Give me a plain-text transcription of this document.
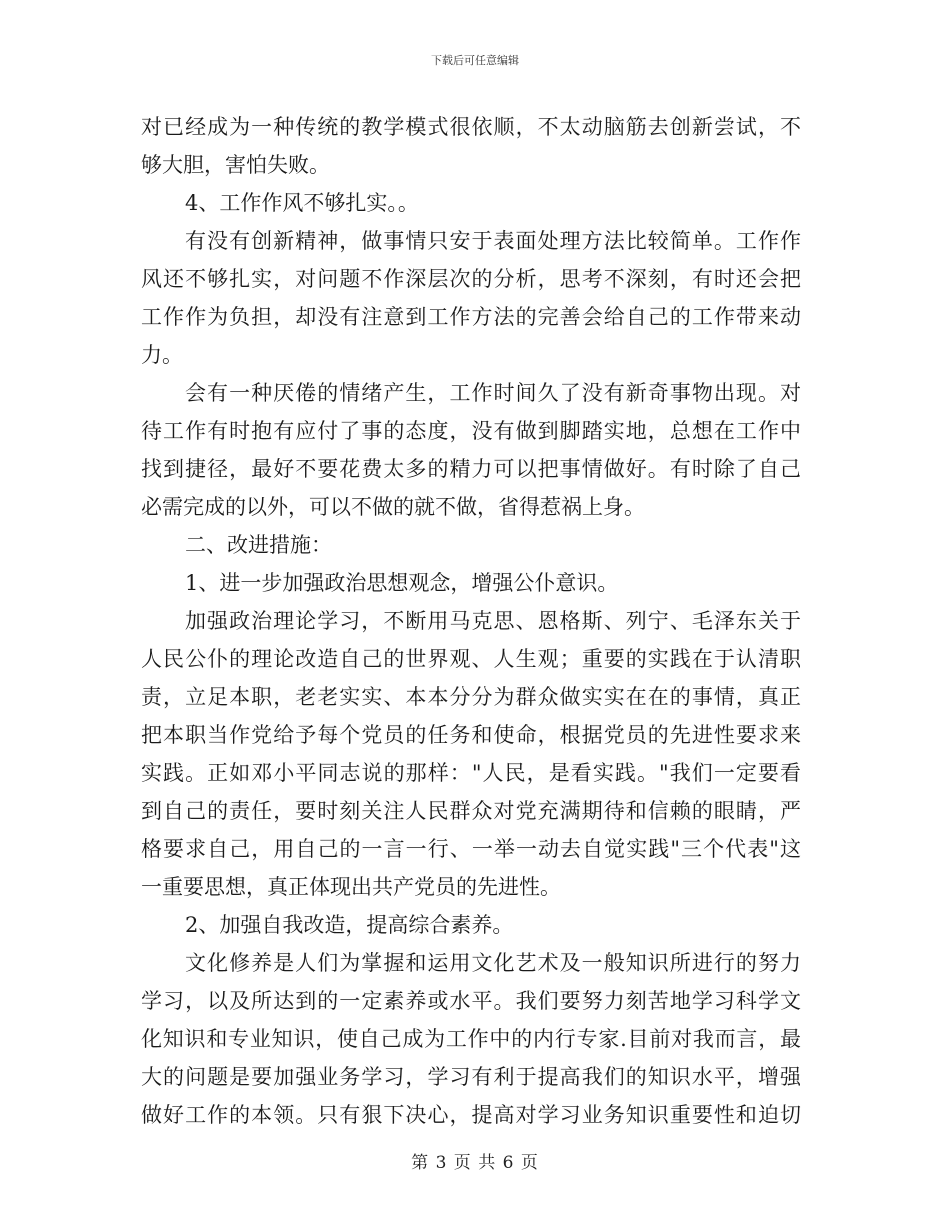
下载后可任意编辑
对已经成为一种传统的教学模式很依顺，不太动脑筋去创新尝试，不
够大胆，害怕失败。
4、工作作风不够扎实。。
有没有创新精神，做事情只安于表面处理方法比较简单。工作作
风还不够扎实，对问题不作深层次的分析，思考不深刻，有时还会把
工作作为负担，却没有注意到工作方法的完善会给自己的工作带来动
力。
会有一种厌倦的情绪产生，工作时间久了没有新奇事物出现。对
待工作有时抱有应付了事的态度，没有做到脚踏实地，总想在工作中
找到捷径，最好不要花费太多的精力可以把事情做好。有时除了自己
必需完成的以外，可以不做的就不做，省得惹祸上身。
二、改进措施：
1、进一步加强政治思想观念，增强公仆意识。
加强政治理论学习，不断用马克思、恩格斯、列宁、毛泽东关于
人民公仆的理论改造自己的世界观、人生观；重要的实践在于认清职
责，立足本职，老老实实、本本分分为群众做实实在在的事情，真正
把本职当作党给予每个党员的任务和使命，根据党员的先进性要求来
实践。正如邓小平同志说的那样："人民，是看实践。"我们一定要看
到自己的责任，要时刻关注人民群众对党充满期待和信赖的眼睛，严
格要求自己，用自己的一言一行、一举一动去自觉实践"三个代表"这
一重要思想，真正体现出共产党员的先进性。
2、加强自我改造，提高综合素养。
文化修养是人们为掌握和运用文化艺术及一般知识所进行的努力
学习，以及所达到的一定素养或水平。我们要努力刻苦地学习科学文
化知识和专业知识，使自己成为工作中的内行专家.目前对我而言，最
大的问题是要加强业务学习，学习有利于提高我们的知识水平，增强
做好工作的本领。只有狠下决心，提高对学习业务知识重要性和迫切
第 3 页 共 6 页
